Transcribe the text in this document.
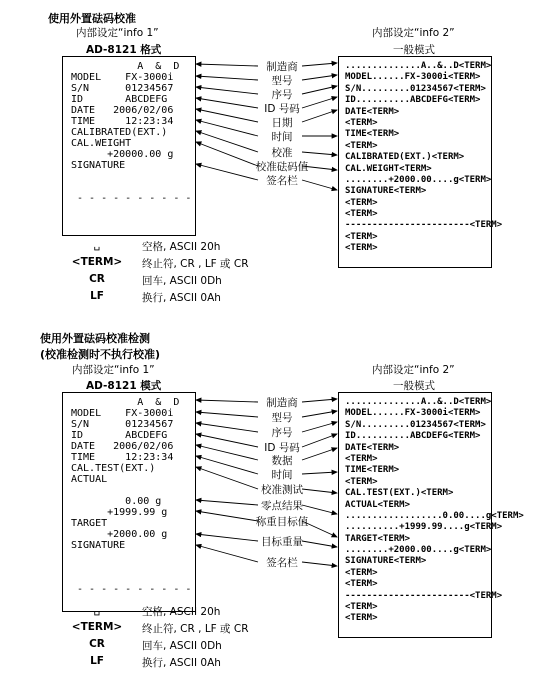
使用外置砝码校准
内部设定“info 1”	内部设定“info 2”
AD-8121 格式	一般模式
A  &  D
MODEL    FX-3000i
S/N      01234567
ID       ABCDEFG
DATE   2006/02/06
TIME     12:23:34
CALIBRATED(EXT.)
CAL.WEIGHT
+20000.00 g
SIGNATURE
- - - - - - - - - -
..............A..&..D<TERM>
MODEL......FX-3000i<TERM>
S/N.........01234567<TERM>
ID..........ABCDEFG<TERM>
DATE<TERM>
<TERM>
TIME<TERM>
<TERM>
CALIBRATED(EXT.)<TERM>
CAL.WEIGHT<TERM>
........+2000.00....g<TERM>
SIGNATURE<TERM>
<TERM>
<TERM>
-----------------------<TERM>
<TERM>
<TERM>
制造商
型号
序号
ID 号码
日期
时间
校准
校准砝码值
签名栏
␣	空格, ASCII 20h
<TERM>	终止符, CR , LF 或 CR
CR	回车, ASCII 0Dh
LF	换行, ASCII 0Ah
使用外置砝码校准检测
(校准检测时不执行校准)
内部设定“info 1”	内部设定“info 2”
AD-8121 模式	一般模式
A  &  D
MODEL    FX-3000i
S/N      01234567
ID       ABCDEFG
DATE   2006/02/06
TIME     12:23:34
CAL.TEST(EXT.)
ACTUAL
0.00 g
+1999.99 g
TARGET
+2000.00 g
SIGNATURE
- - - - - - - - - -
..............A..&..D<TERM>
MODEL......FX-3000i<TERM>
S/N.........01234567<TERM>
ID..........ABCDEFG<TERM>
DATE<TERM>
<TERM>
TIME<TERM>
<TERM>
CAL.TEST(EXT.)<TERM>
ACTUAL<TERM>
..................0.00....g<TERM>
..........+1999.99....g<TERM>
TARGET<TERM>
........+2000.00....g<TERM>
SIGNATURE<TERM>
<TERM>
<TERM>
-----------------------<TERM>
<TERM>
<TERM>
制造商
型号
序号
ID 号码
数据
时间
校准测试
零点结果
称重目标值
目标重量
签名栏
␣	空格, ASCII 20h
<TERM>	终止符, CR , LF 或 CR
CR	回车, ASCII 0Dh
LF	换行, ASCII 0Ah
